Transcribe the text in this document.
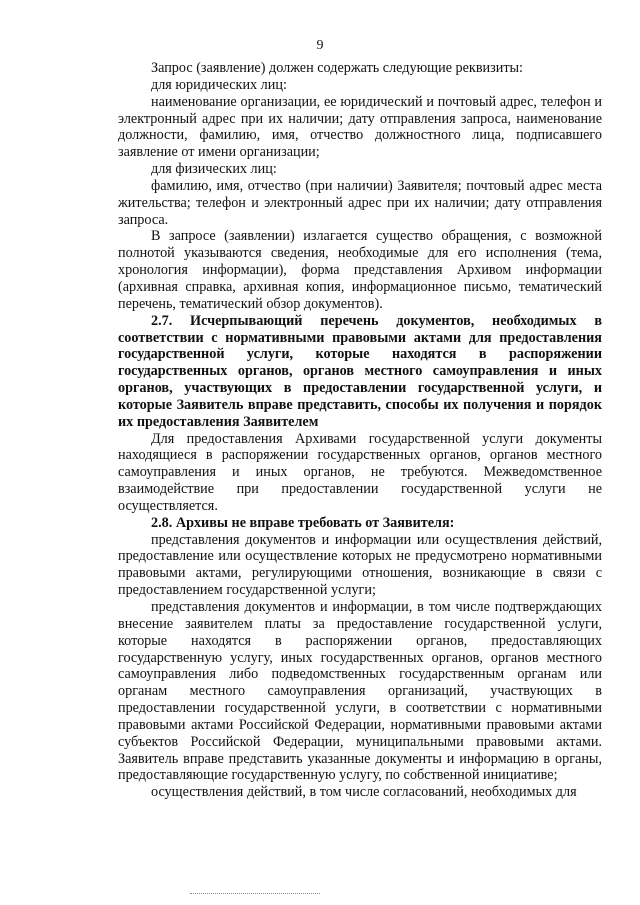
9

Запрос (заявление) должен содержать следующие реквизиты:

для юридических лиц:

наименование организации, ее юридический и почтовый адрес, телефон и электронный адрес при их наличии; дату отправления запроса, наименование должности, фамилию, имя, отчество должностного лица, подписавшего заявление от имени организации;

для физических лиц:

фамилию, имя, отчество (при наличии) Заявителя; почтовый адрес места жительства; телефон и электронный адрес при их наличии; дату отправления запроса.

В запросе (заявлении) излагается существо обращения, с возможной полнотой указываются сведения, необходимые для его исполнения (тема, хронология информации), форма представления Архивом информации (архивная справка, архивная копия, информационное письмо, тематический перечень, тематический обзор документов).

2.7. Исчерпывающий перечень документов, необходимых в соответствии с нормативными правовыми актами для предоставления государственной услуги, которые находятся в распоряжении государственных органов, органов местного самоуправления и иных органов, участвующих в предоставлении государственной услуги, и которые Заявитель вправе представить, способы их получения и порядок их предоставления Заявителем

Для предоставления Архивами государственной услуги документы находящиеся в распоряжении государственных органов, органов местного самоуправления и иных органов, не требуются. Межведомственное взаимодействие при предоставлении государственной услуги не осуществляется.

2.8. Архивы не вправе требовать от Заявителя:

представления документов и информации или осуществления действий, предоставление или осуществление которых не предусмотрено нормативными правовыми актами, регулирующими отношения, возникающие в связи с предоставлением государственной услуги;

представления документов и информации, в том числе подтверждающих внесение заявителем платы за предоставление государственной услуги, которые находятся в распоряжении органов, предоставляющих государственную услугу, иных государственных органов, органов местного самоуправления либо подведомственных государственным органам или органам местного самоуправления организаций, участвующих в предоставлении государственной услуги, в соответствии с нормативными правовыми актами Российской Федерации, нормативными правовыми актами субъектов Российской Федерации, муниципальными правовыми актами. Заявитель вправе представить указанные документы и информацию в органы, предоставляющие государственную услугу, по собственной инициативе;

осуществления действий, в том числе согласований, необходимых для
